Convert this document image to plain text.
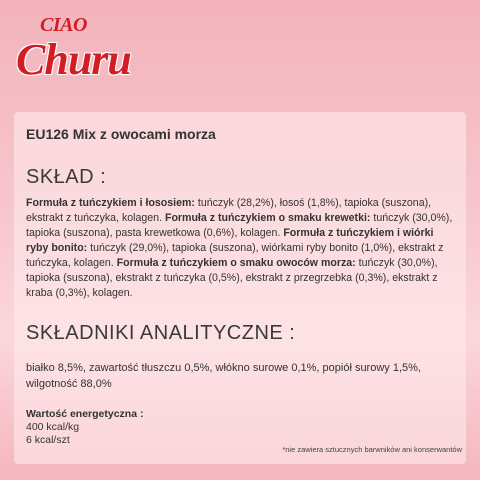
CIAO
Churu
EU126 Mix z owocami morza
SKŁAD :
Formuła z tuńczykiem i łososiem: tuńczyk (28,2%), łosoś (1,8%), tapioka (suszona), ekstrakt z tuńczyka, kolagen. Formuła z tuńczykiem o smaku krewetki: tuńczyk (30,0%), tapioka (suszona), pasta krewetkowa (0,6%), kolagen. Formuła z tuńczykiem i wiórki ryby bonito: tuńczyk (29,0%), tapioka (suszona), wiórkami ryby bonito (1,0%), ekstrakt z tuńczyka, kolagen. Formuła z tuńczykiem o smaku owoców morza: tuńczyk (30,0%), tapioka (suszona), ekstrakt z tuńczyka (0,5%), ekstrakt z przegrzebka (0,3%), ekstrakt z kraba (0,3%), kolagen.
SKŁADNIKI ANALITYCZNE :
białko 8,5%, zawartość tłuszczu 0,5%, włókno surowe 0,1%, popiół surowy 1,5%, wilgotność 88,0%
Wartość energetyczna :
400 kcal/kg
6 kcal/szt
*nie zawiera sztucznych barwników ani konserwantów
